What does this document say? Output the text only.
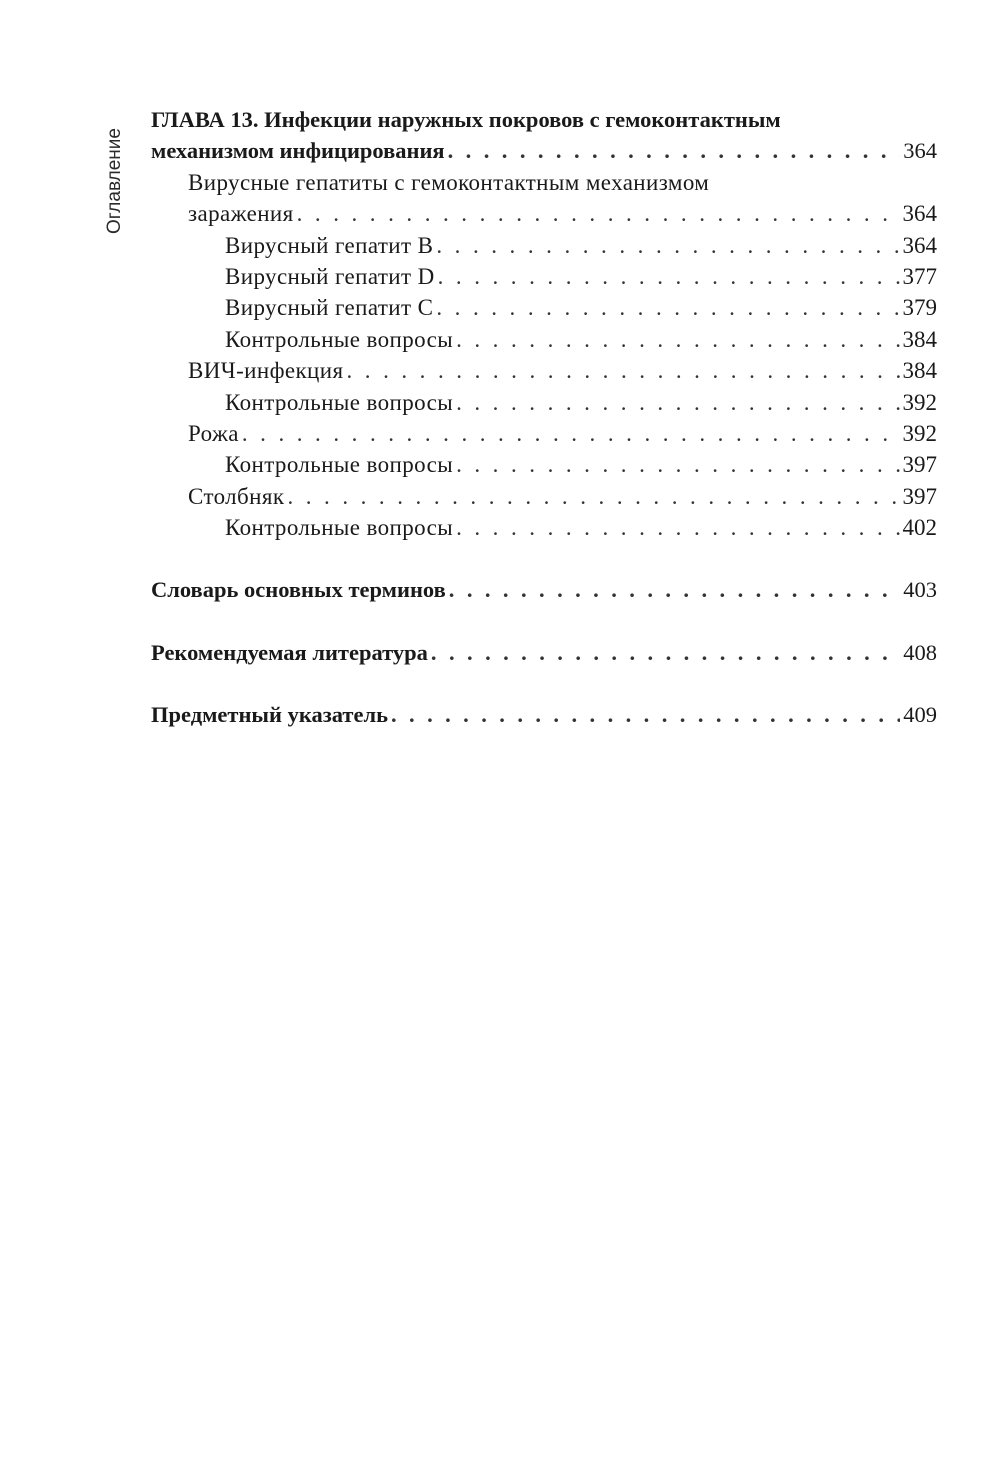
Оглавление
ГЛАВА 13. Инфекции наружных покровов с гемоконтактным
механизмом инфицирования . . .	364
Вирусные гепатиты с гемоконтактным механизмом
заражения . . .	364
Вирусный гепатит В . . .	364
Вирусный гепатит D . . .	377
Вирусный гепатит С . . .	379
Контрольные вопросы . . .	384
ВИЧ-инфекция . . .	384
Контрольные вопросы . . .	392
Рожа . . .	392
Контрольные вопросы . . .	397
Столбняк . . .	397
Контрольные вопросы . . .	402
Словарь основных терминов . . .	403
Рекомендуемая литература . . .	408
Предметный указатель . . .	409
